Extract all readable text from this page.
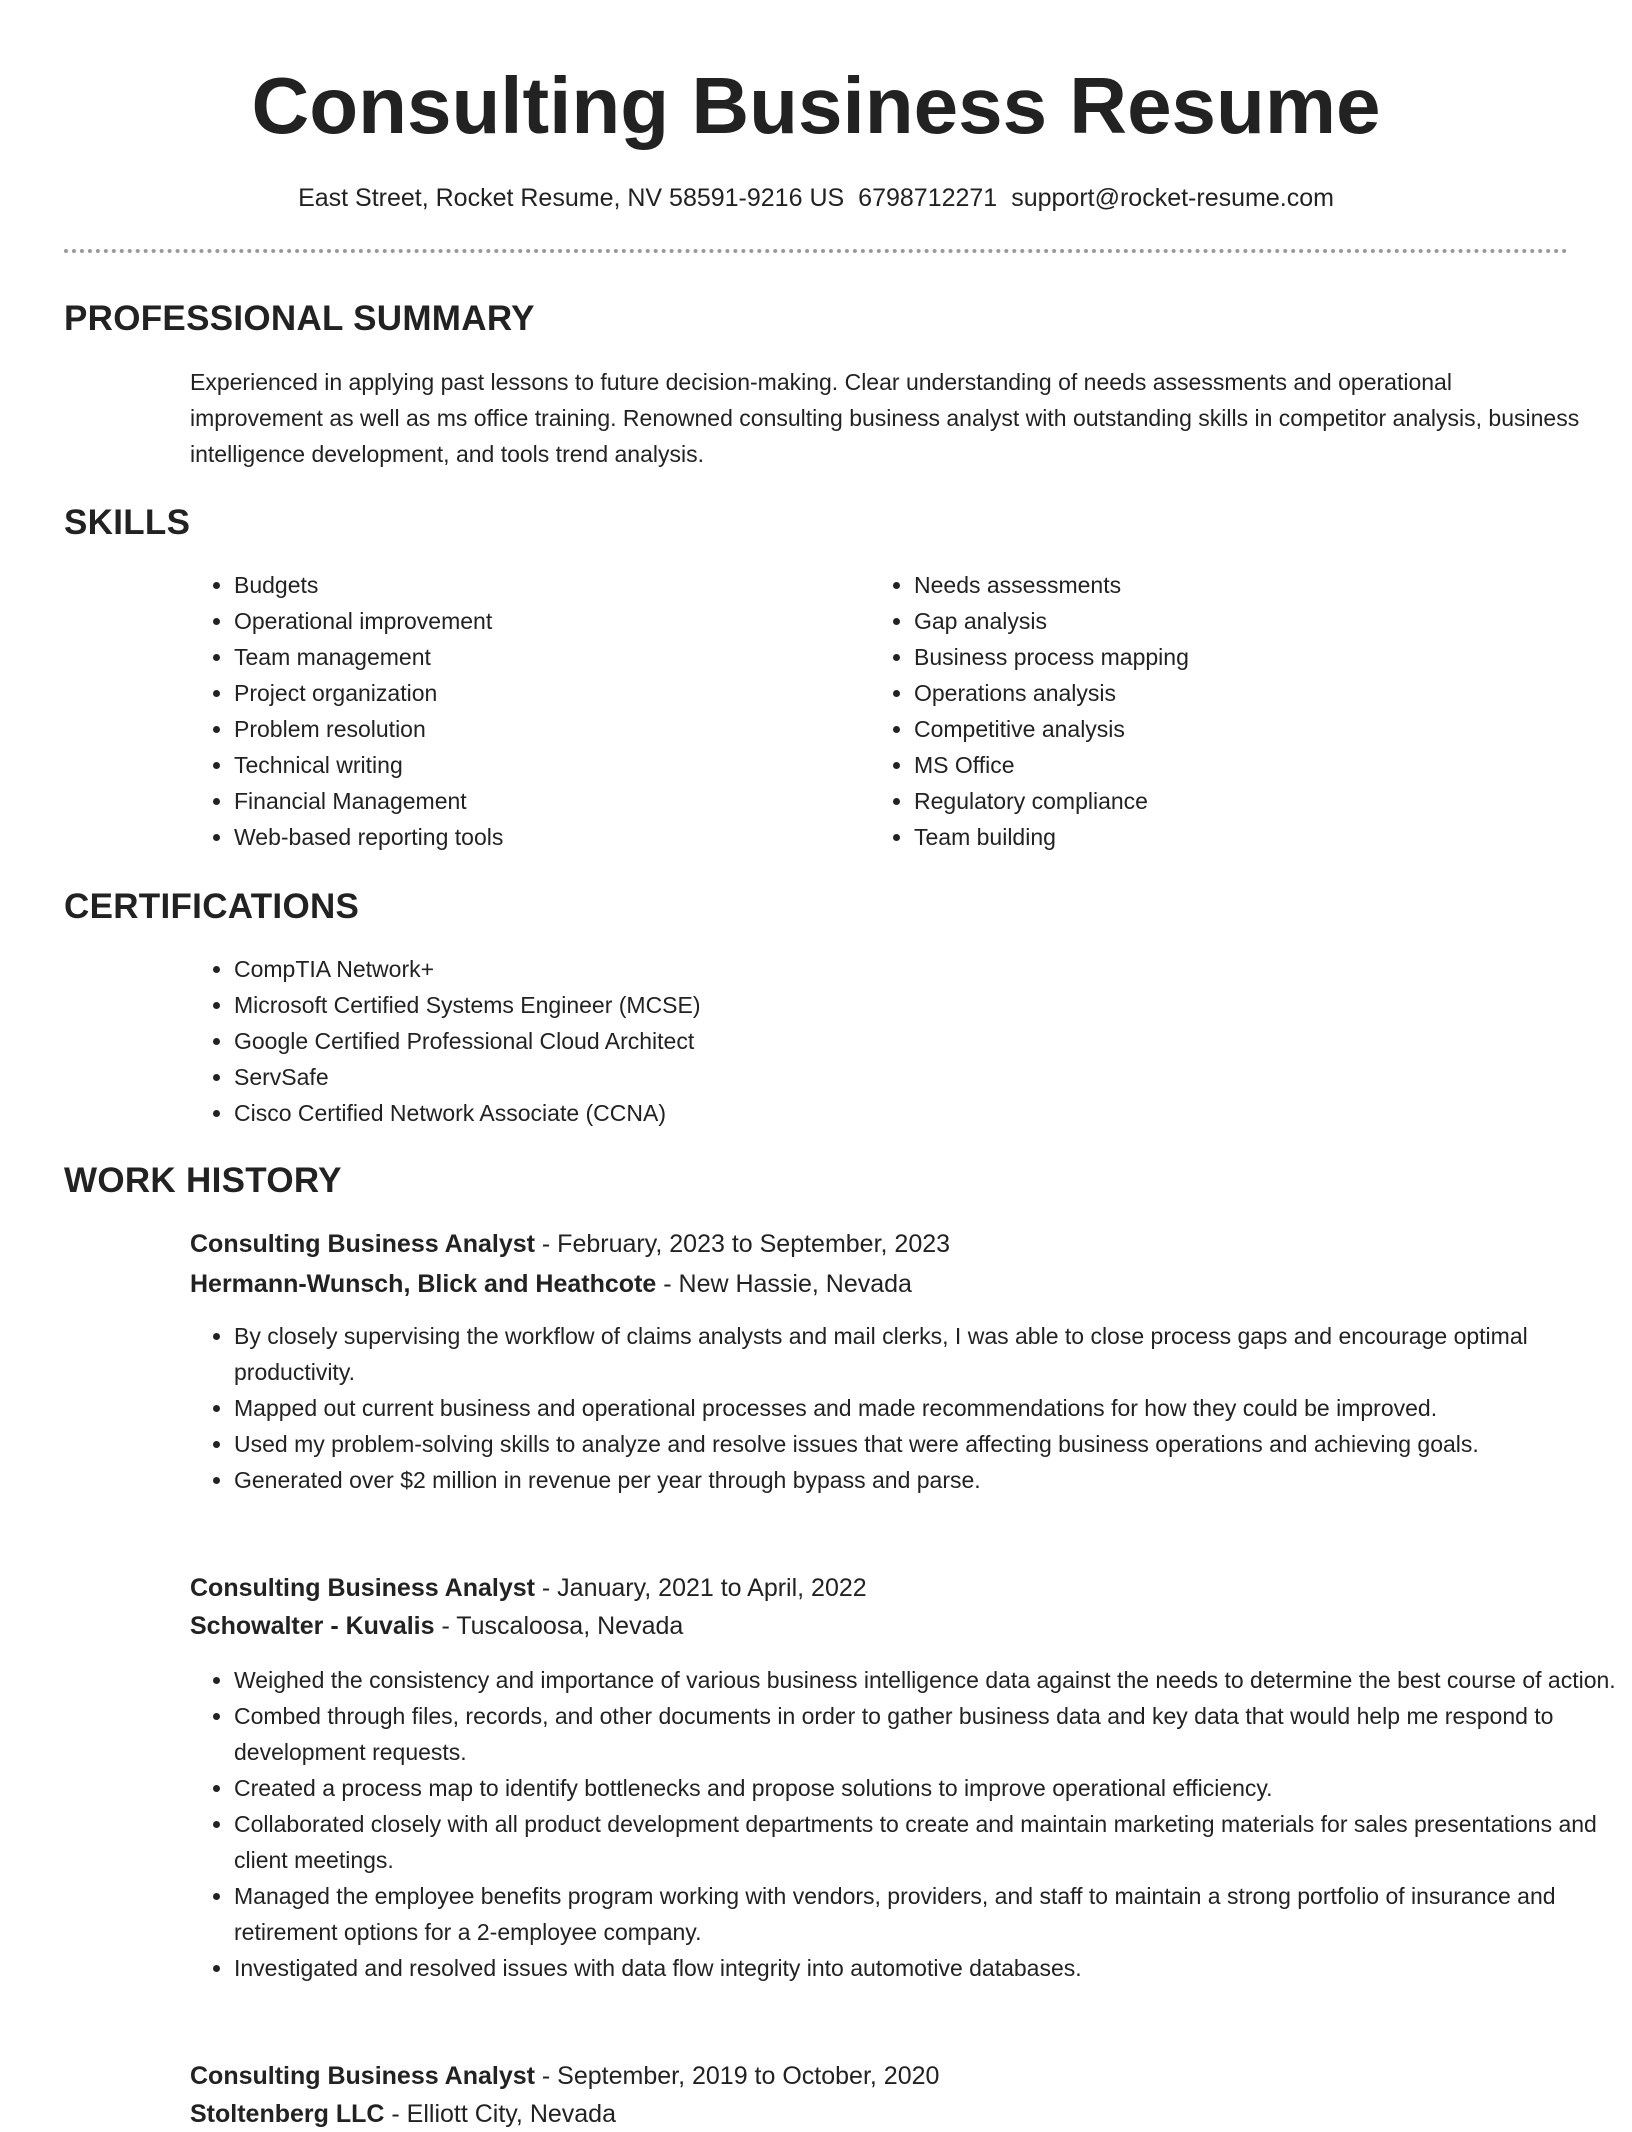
Consulting Business Resume
East Street, Rocket Resume, NV 58591-9216 US 6798712271 support@rocket-resume.com
PROFESSIONAL SUMMARY

Experienced in applying past lessons to future decision-making. Clear understanding of needs assessments and operational improvement as well as ms office training. Renowned consulting business analyst with outstanding skills in competitor analysis, business intelligence development, and tools trend analysis.

SKILLS
• Budgets
• Operational improvement
• Team management
• Project organization
• Problem resolution
• Technical writing
• Financial Management
• Web-based reporting tools
• Needs assessments
• Gap analysis
• Business process mapping
• Operations analysis
• Competitive analysis
• MS Office
• Regulatory compliance
• Team building
CERTIFICATIONS
• CompTIA Network+
• Microsoft Certified Systems Engineer (MCSE)
• Google Certified Professional Cloud Architect
• ServSafe
• Cisco Certified Network Associate (CCNA)
WORK HISTORY

Consulting Business Analyst - February, 2023 to September, 2023

Hermann-Wunsch, Blick and Heathcote - New Hassie, Nevada

• By closely supervising the workflow of claims analysts and mail clerks, I was able to close process gaps and encourage optimal productivity.
• Mapped out current business and operational processes and made recommendations for how they could be improved.
• Used my problem-solving skills to analyze and resolve issues that were affecting business operations and achieving goals.
• Generated over $2 million in revenue per year through bypass and parse.

Consulting Business Analyst - January, 2021 to April, 2022

Schowalter - Kuvalis - Tuscaloosa, Nevada

• Weighed the consistency and importance of various business intelligence data against the needs to determine the best course of action.
• Combed through files, records, and other documents in order to gather business data and key data that would help me respond to development requests.
• Created a process map to identify bottlenecks and propose solutions to improve operational efficiency.
• Collaborated closely with all product development departments to create and maintain marketing materials for sales presentations and client meetings.
• Managed the employee benefits program working with vendors, providers, and staff to maintain a strong portfolio of insurance and retirement options for a 2-employee company.
• Investigated and resolved issues with data flow integrity into automotive databases.

Consulting Business Analyst - September, 2019 to October, 2020

Stoltenberg LLC - Elliott City, Nevada
